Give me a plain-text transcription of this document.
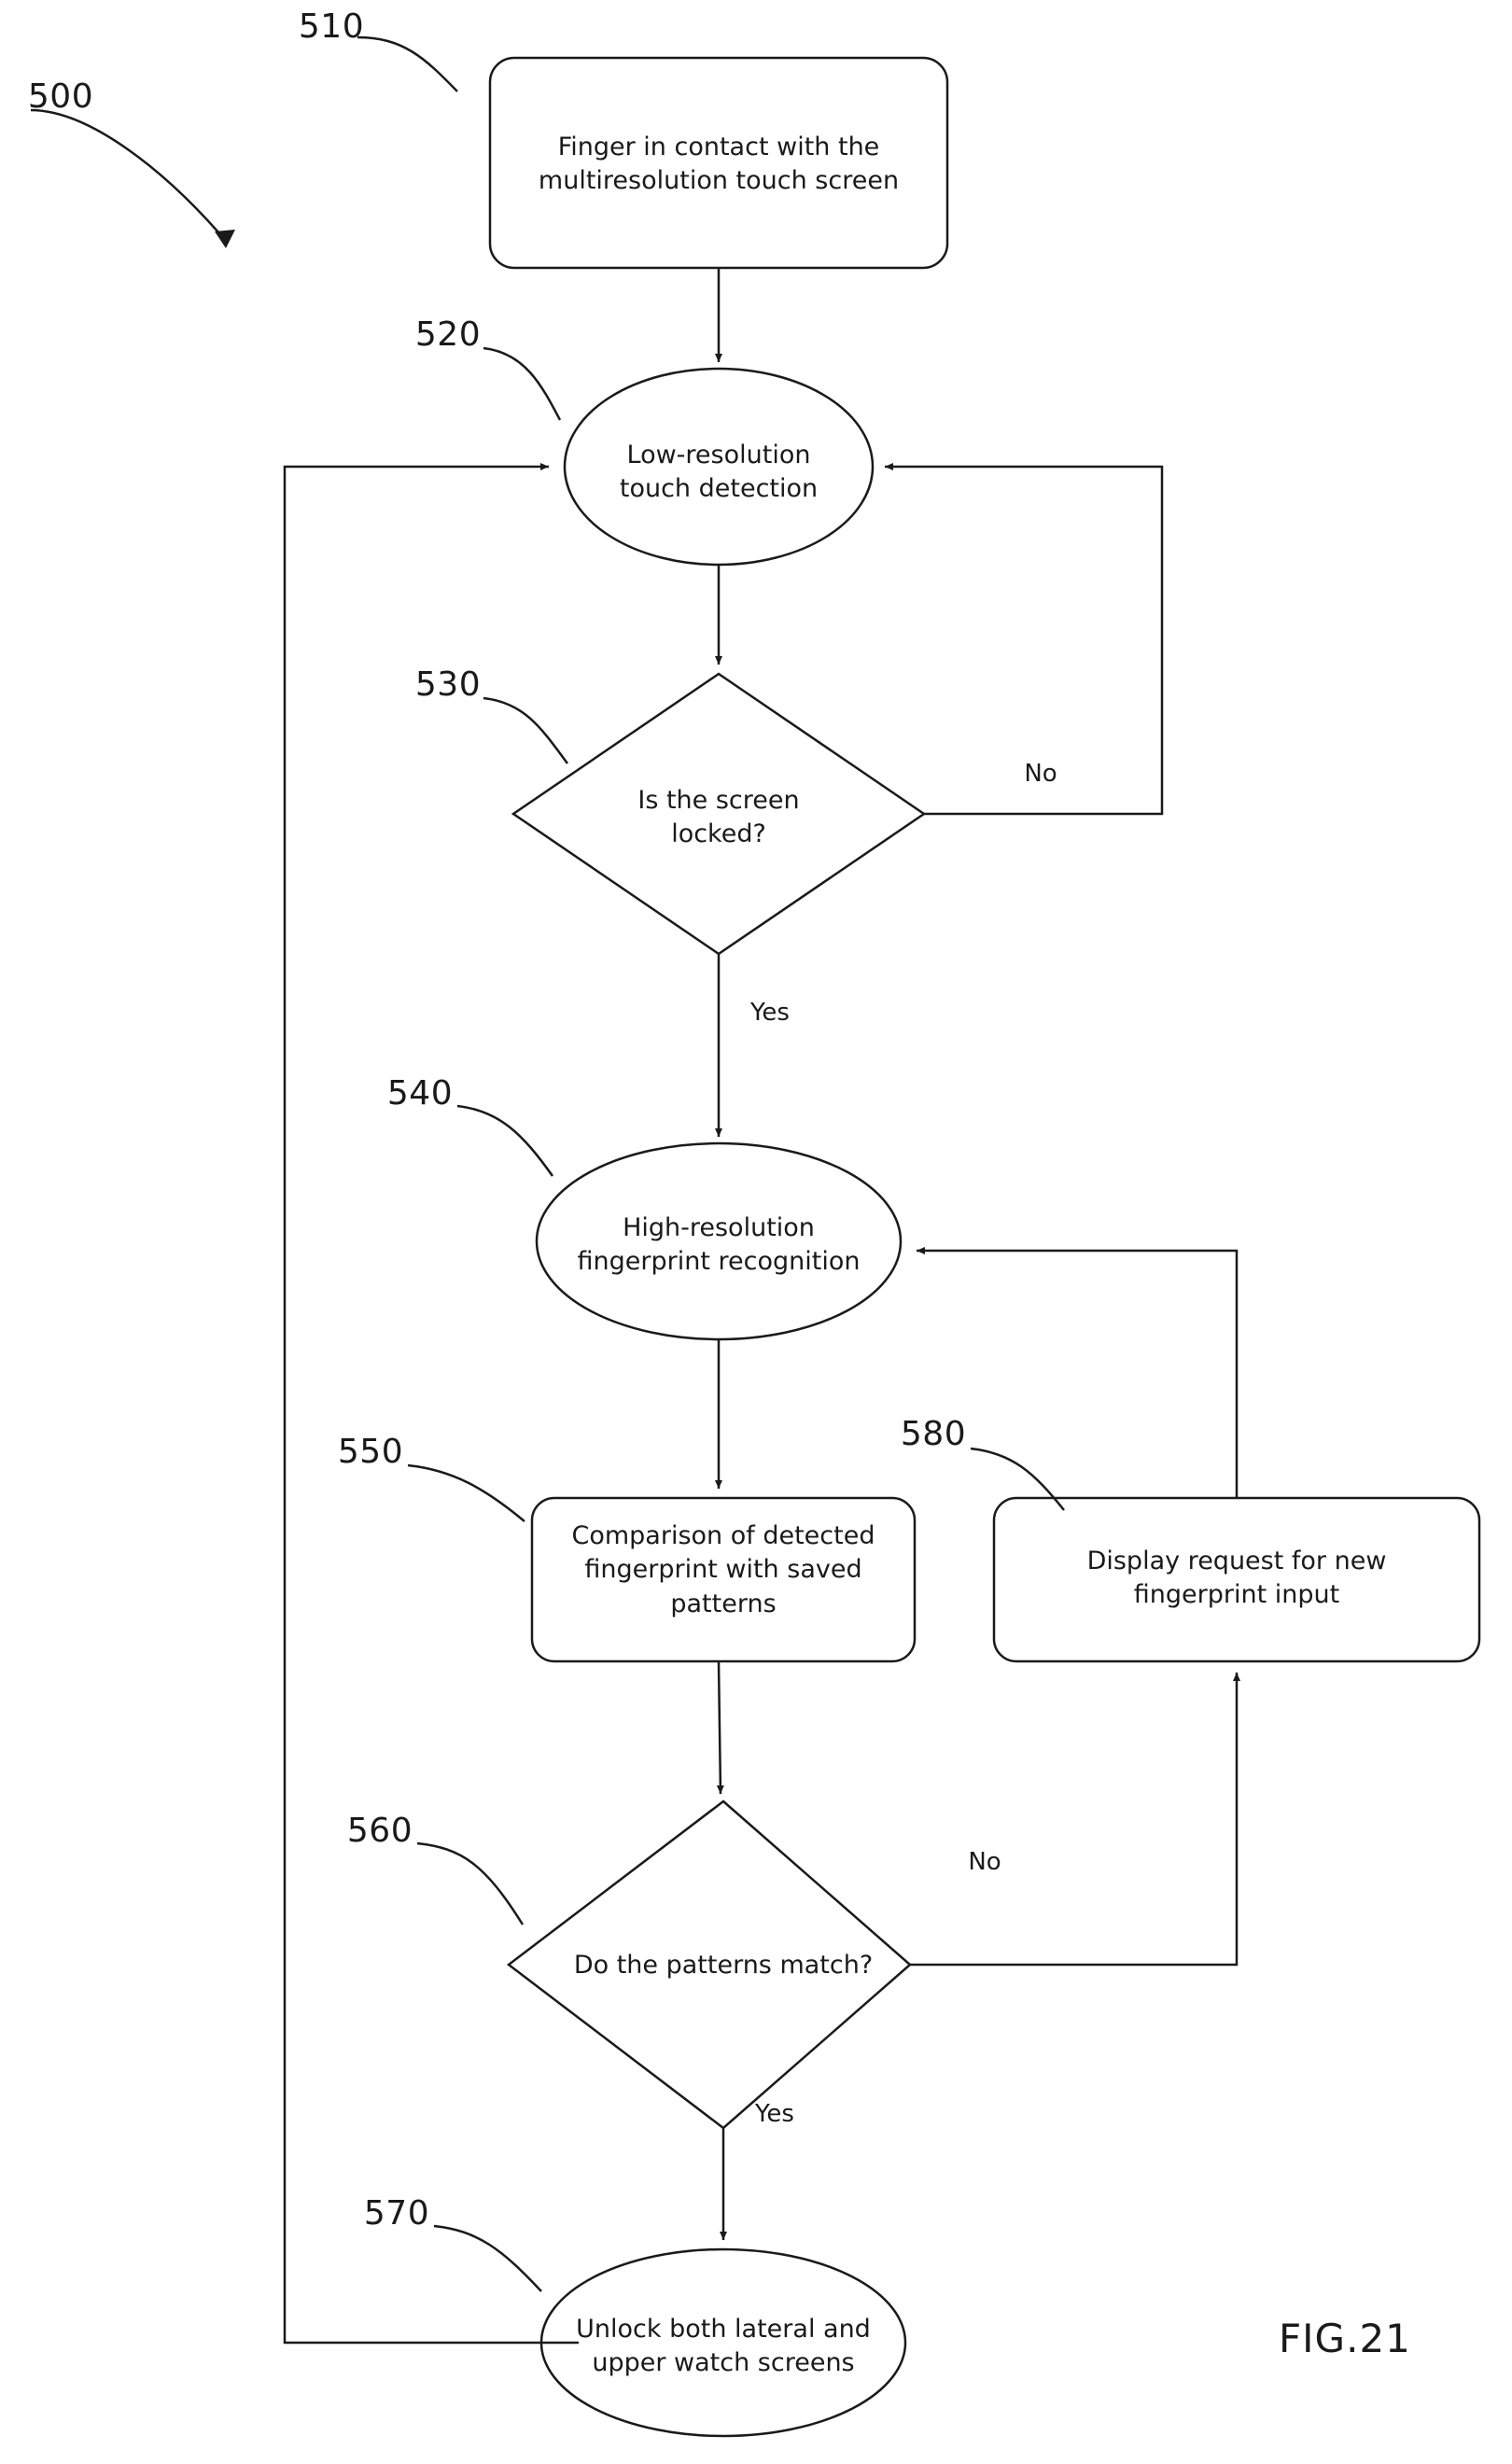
500
510
520
530
540
550	580
560
570
Finger in contact with the
multiresolution touch screen
Low-resolution
touch detection
Is the screen
locked?
High-resolution
fingerprint recognition
Comparison of detected
fingerprint with saved
patterns
Display request for new
fingerprint input
Do the patterns match?
Unlock both lateral and
upper watch screens
No
Yes
No
Yes
FIG.21
